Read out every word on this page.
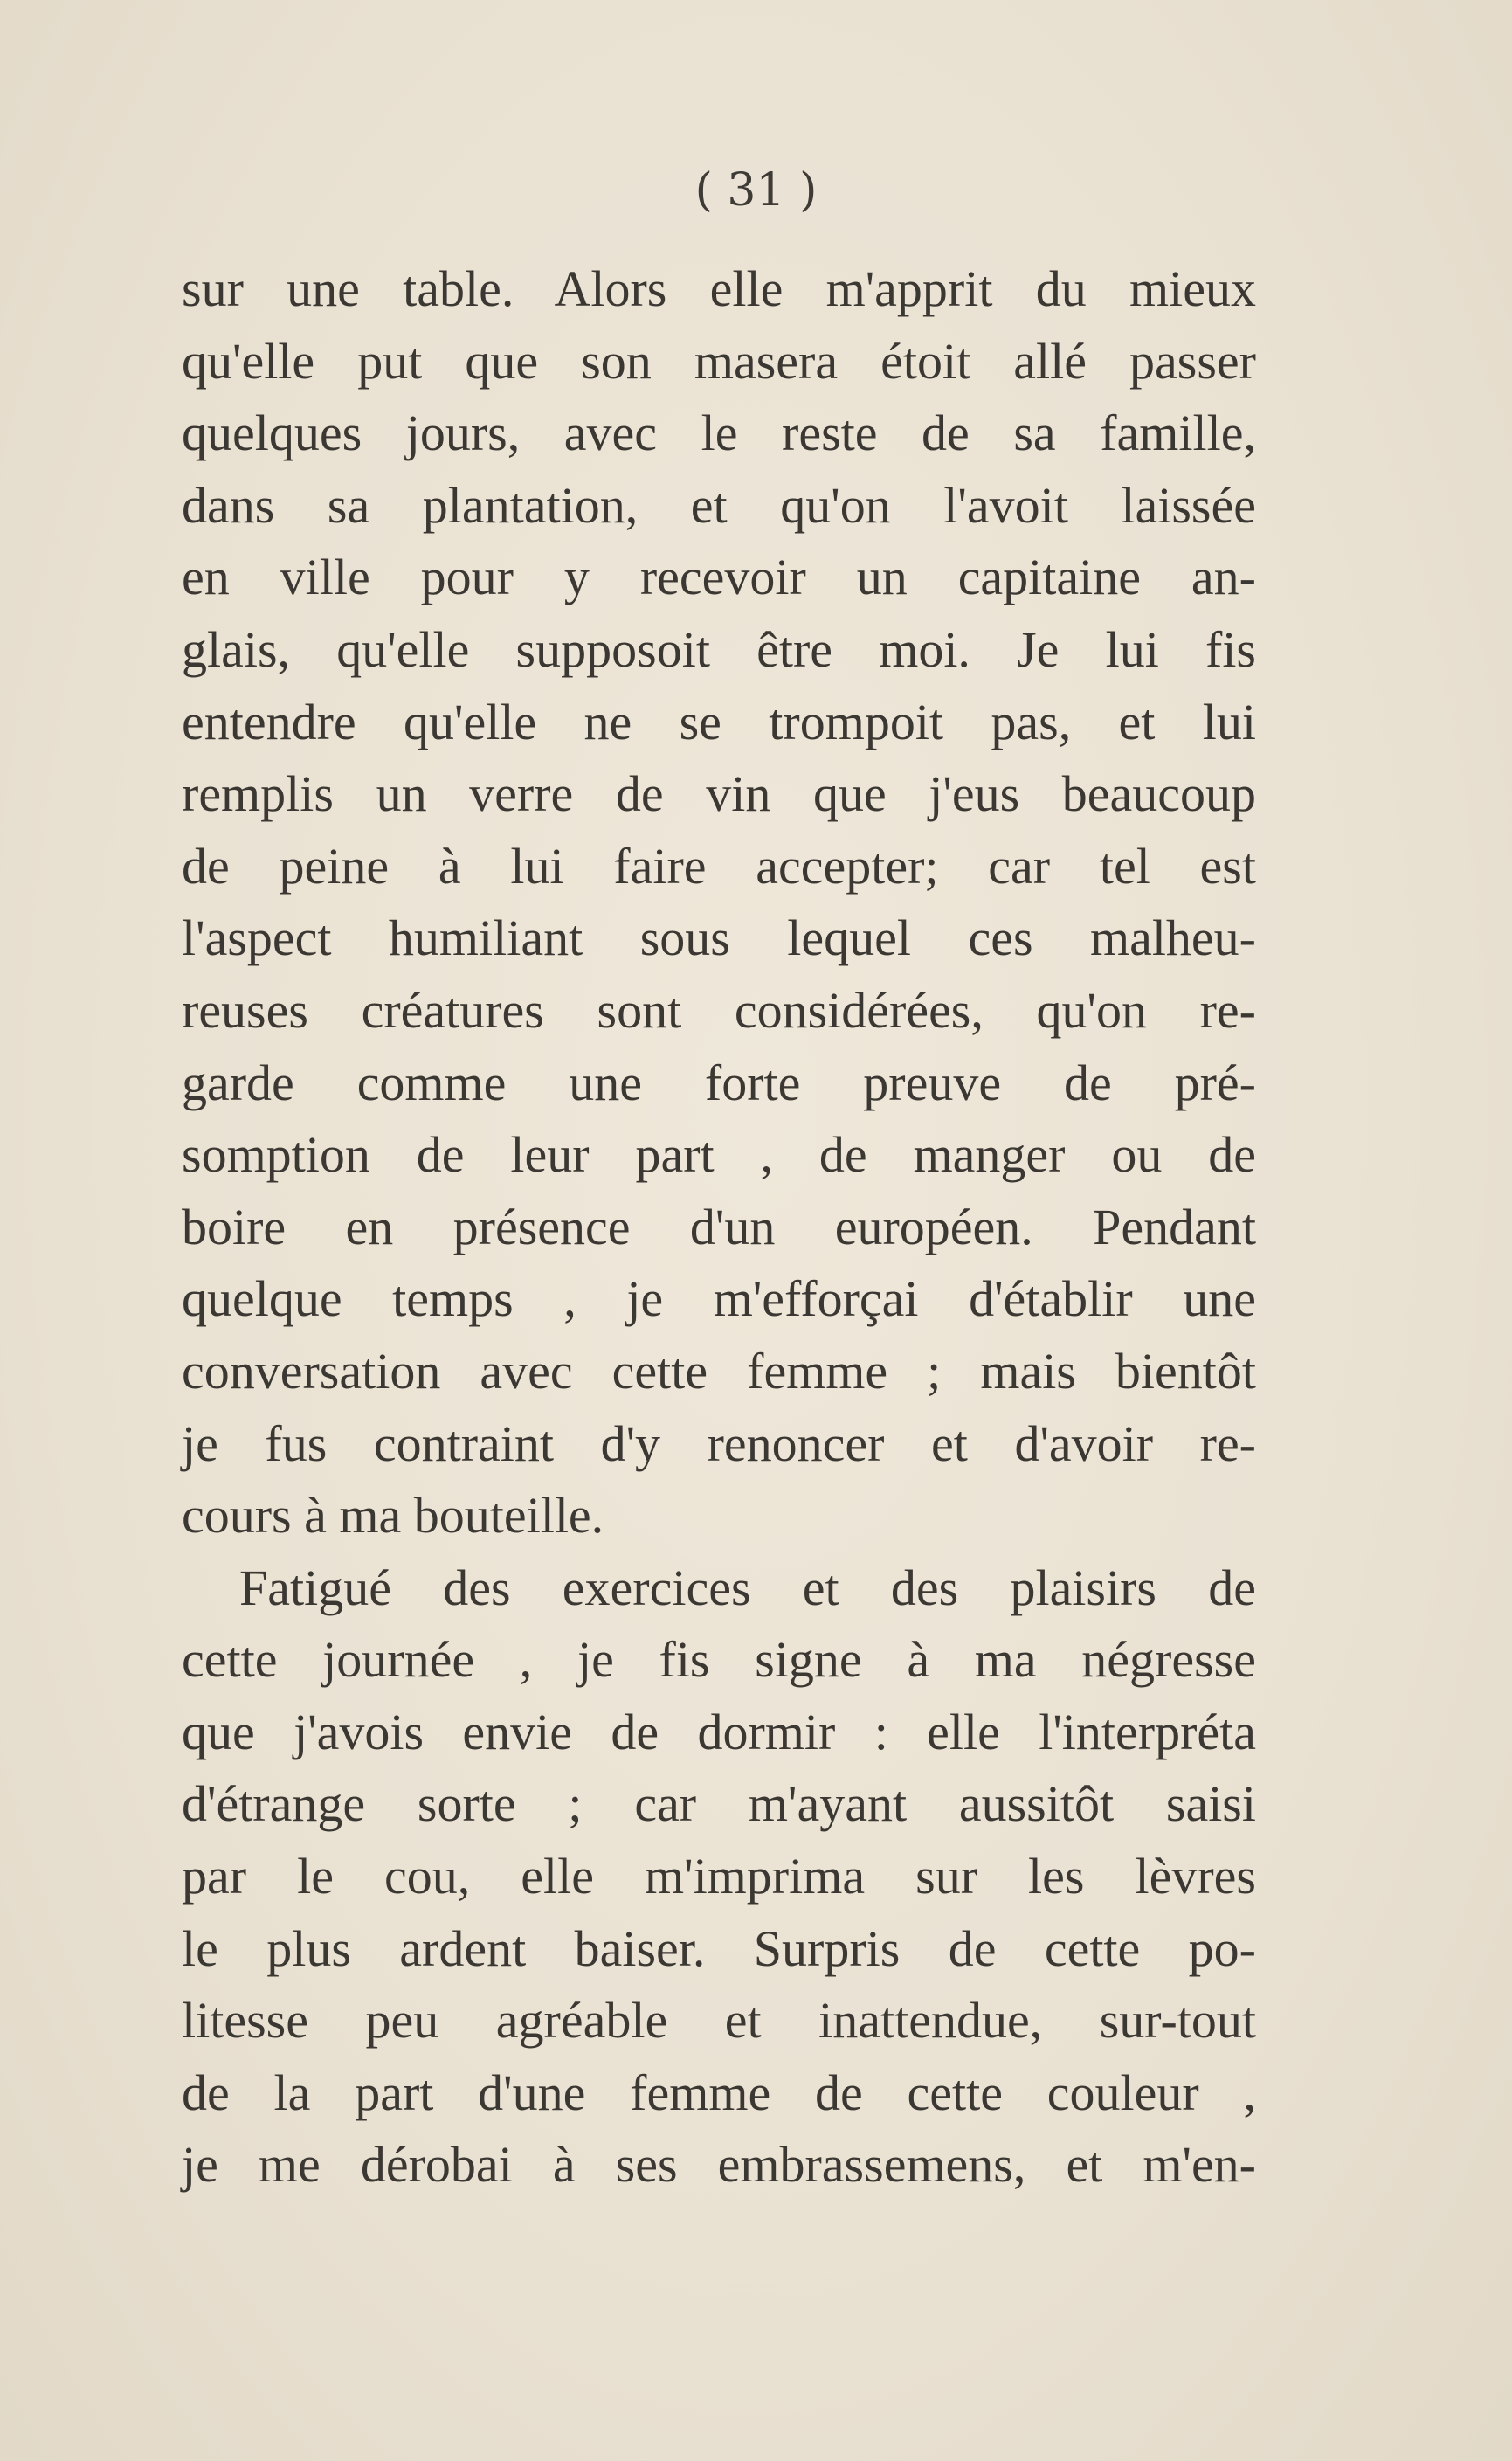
( 31 )
sur une table. Alors elle m'apprit du mieux
qu'elle put que son masera étoit allé passer
quelques jours, avec le reste de sa famille,
dans sa plantation, et qu'on l'avoit laissée
en ville pour y recevoir un capitaine an-
glais, qu'elle supposoit être moi. Je lui fis
entendre qu'elle ne se trompoit pas, et lui
remplis un verre de vin que j'eus beaucoup
de peine à lui faire accepter; car tel est
l'aspect humiliant sous lequel ces malheu-
reuses créatures sont considérées, qu'on re-
garde comme une forte preuve de pré-
somption de leur part , de manger ou de
boire en présence d'un européen. Pendant
quelque temps , je m'efforçai d'établir une
conversation avec cette femme ; mais bientôt
je fus contraint d'y renoncer et d'avoir re-
cours à ma bouteille.
Fatigué des exercices et des plaisirs de
cette journée , je fis signe à ma négresse
que j'avois envie de dormir : elle l'interpréta
d'étrange sorte ; car m'ayant aussitôt saisi
par le cou, elle m'imprima sur les lèvres
le plus ardent baiser. Surpris de cette po-
litesse peu agréable et inattendue, sur-tout
de la part d'une femme de cette couleur ,
je me dérobai à ses embrassemens, et m'en-
